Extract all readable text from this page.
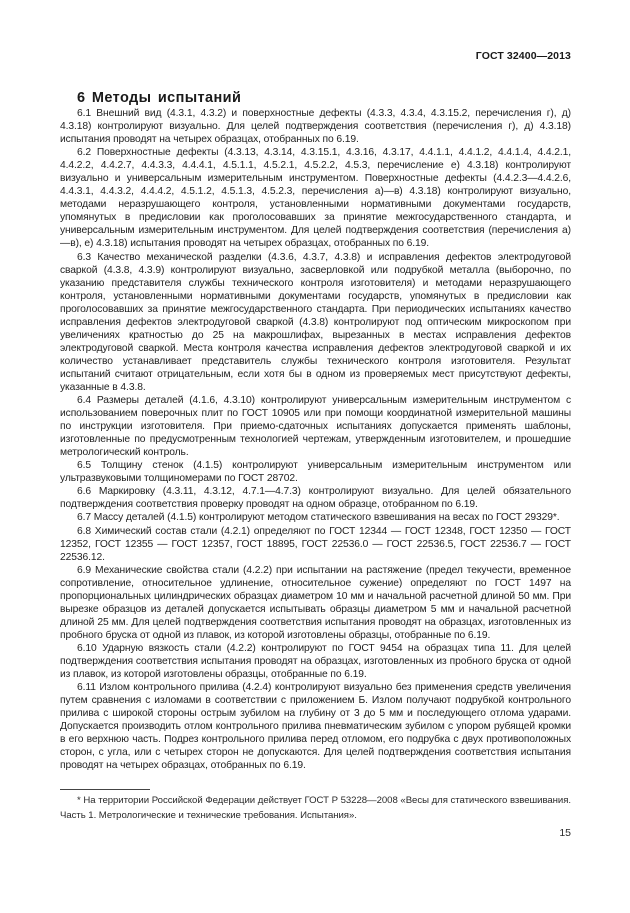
ГОСТ 32400—2013
6 Методы испытаний

6.1 Внешний вид (4.3.1, 4.3.2) и поверхностные дефекты (4.3.3, 4.3.4, 4.3.15.2, перечисления г), д) 4.3.18) контролируют визуально. Для целей подтверждения соответствия (перечисления г), д) 4.3.18) испытания проводят на четырех образцах, отобранных по 6.19.

6.2 Поверхностные дефекты (4.3.13, 4.3.14, 4.3.15.1, 4.3.16, 4.3.17, 4.4.1.1, 4.4.1.2, 4.4.1.4, 4.4.2.1, 4.4.2.2, 4.4.2.7, 4.4.3.3, 4.4.4.1, 4.5.1.1, 4.5.2.1, 4.5.2.2, 4.5.3, перечисление е) 4.3.18) контролируют визуально и универсальным измерительным инструментом. Поверхностные дефекты (4.4.2.3—4.4.2.6, 4.4.3.1, 4.4.3.2, 4.4.4.2, 4.5.1.2, 4.5.1.3, 4.5.2.3, перечисления а)—в) 4.3.18) контролируют визуально, методами неразрушающего контроля, установленными нормативными документами государств, упомянутых в предисловии как проголосовавших за принятие межгосударственного стандарта, и универсальным измерительным инструментом. Для целей подтверждения соответствия (перечисления а)—в), е) 4.3.18) испытания проводят на четырех образцах, отобранных по 6.19.

6.3 Качество механической разделки (4.3.6, 4.3.7, 4.3.8) и исправления дефектов электродуговой сваркой (4.3.8, 4.3.9) контролируют визуально, засверловкой или подрубкой металла (выборочно, по указанию представителя службы технического контроля изготовителя) и методами неразрушающего контроля, установленными нормативными документами государств, упомянутых в предисловии как проголосовавших за принятие межгосударственного стандарта. При периодических испытаниях качество исправления дефектов электродуговой сваркой (4.3.8) контролируют под оптическим микроскопом при увеличениях кратностью до 25 на макрошлифах, вырезанных в местах исправления дефектов электродуговой сваркой. Места контроля качества исправления дефектов электродуговой сваркой и их количество устанавливает представитель службы технического контроля изготовителя. Результат испытаний считают отрицательным, если хотя бы в одном из проверяемых мест присутствуют дефекты, указанные в 4.3.8.

6.4 Размеры деталей (4.1.6, 4.3.10) контролируют универсальным измерительным инструментом с использованием поверочных плит по ГОСТ 10905 или при помощи координатной измерительной машины по инструкции изготовителя. При приемо-сдаточных испытаниях допускается применять шаблоны, изготовленные по предусмотренным технологией чертежам, утвержденным изготовителем, и прошедшие метрологический контроль.

6.5 Толщину стенок (4.1.5) контролируют универсальным измерительным инструментом или ультразвуковыми толщиномерами по ГОСТ 28702.

6.6 Маркировку (4.3.11, 4.3.12, 4.7.1—4.7.3) контролируют визуально. Для целей обязательного подтверждения соответствия проверку проводят на одном образце, отобранном по 6.19.

6.7 Массу деталей (4.1.5) контролируют методом статического взвешивания на весах по ГОСТ 29329*.

6.8 Химический состав стали (4.2.1) определяют по ГОСТ 12344 — ГОСТ 12348, ГОСТ 12350 — ГОСТ 12352, ГОСТ 12355 — ГОСТ 12357, ГОСТ 18895, ГОСТ 22536.0 — ГОСТ 22536.5, ГОСТ 22536.7 — ГОСТ 22536.12.

6.9 Механические свойства стали (4.2.2) при испытании на растяжение (предел текучести, временное сопротивление, относительное удлинение, относительное сужение) определяют по ГОСТ 1497 на пропорциональных цилиндрических образцах диаметром 10 мм и начальной расчетной длиной 50 мм. При вырезке образцов из деталей допускается испытывать образцы диаметром 5 мм и начальной расчетной длиной 25 мм. Для целей подтверждения соответствия испытания проводят на образцах, изготовленных из пробного бруска от одной из плавок, из которой изготовлены образцы, отобранные по 6.19.

6.10 Ударную вязкость стали (4.2.2) контролируют по ГОСТ 9454 на образцах типа 11. Для целей подтверждения соответствия испытания проводят на образцах, изготовленных из пробного бруска от одной из плавок, из которой изготовлены образцы, отобранные по 6.19.

6.11 Излом контрольного прилива (4.2.4) контролируют визуально без применения средств увеличения путем сравнения с изломами в соответствии с приложением Б. Излом получают подрубкой контрольного прилива с широкой стороны острым зубилом на глубину от 3 до 5 мм и последующего отлома ударами. Допускается производить отлом контрольного прилива пневматическим зубилом с упором рубящей кромки в его верхнюю часть. Подрез контрольного прилива перед отломом, его подрубка с двух противоположных сторон, с угла, или с четырех сторон не допускаются. Для целей подтверждения соответствия испытания проводят на четырех образцах, отобранных по 6.19.

* На территории Российской Федерации действует ГОСТ Р 53228—2008 «Весы для статического взвешивания. Часть 1. Метрологические и технические требования. Испытания».

15
